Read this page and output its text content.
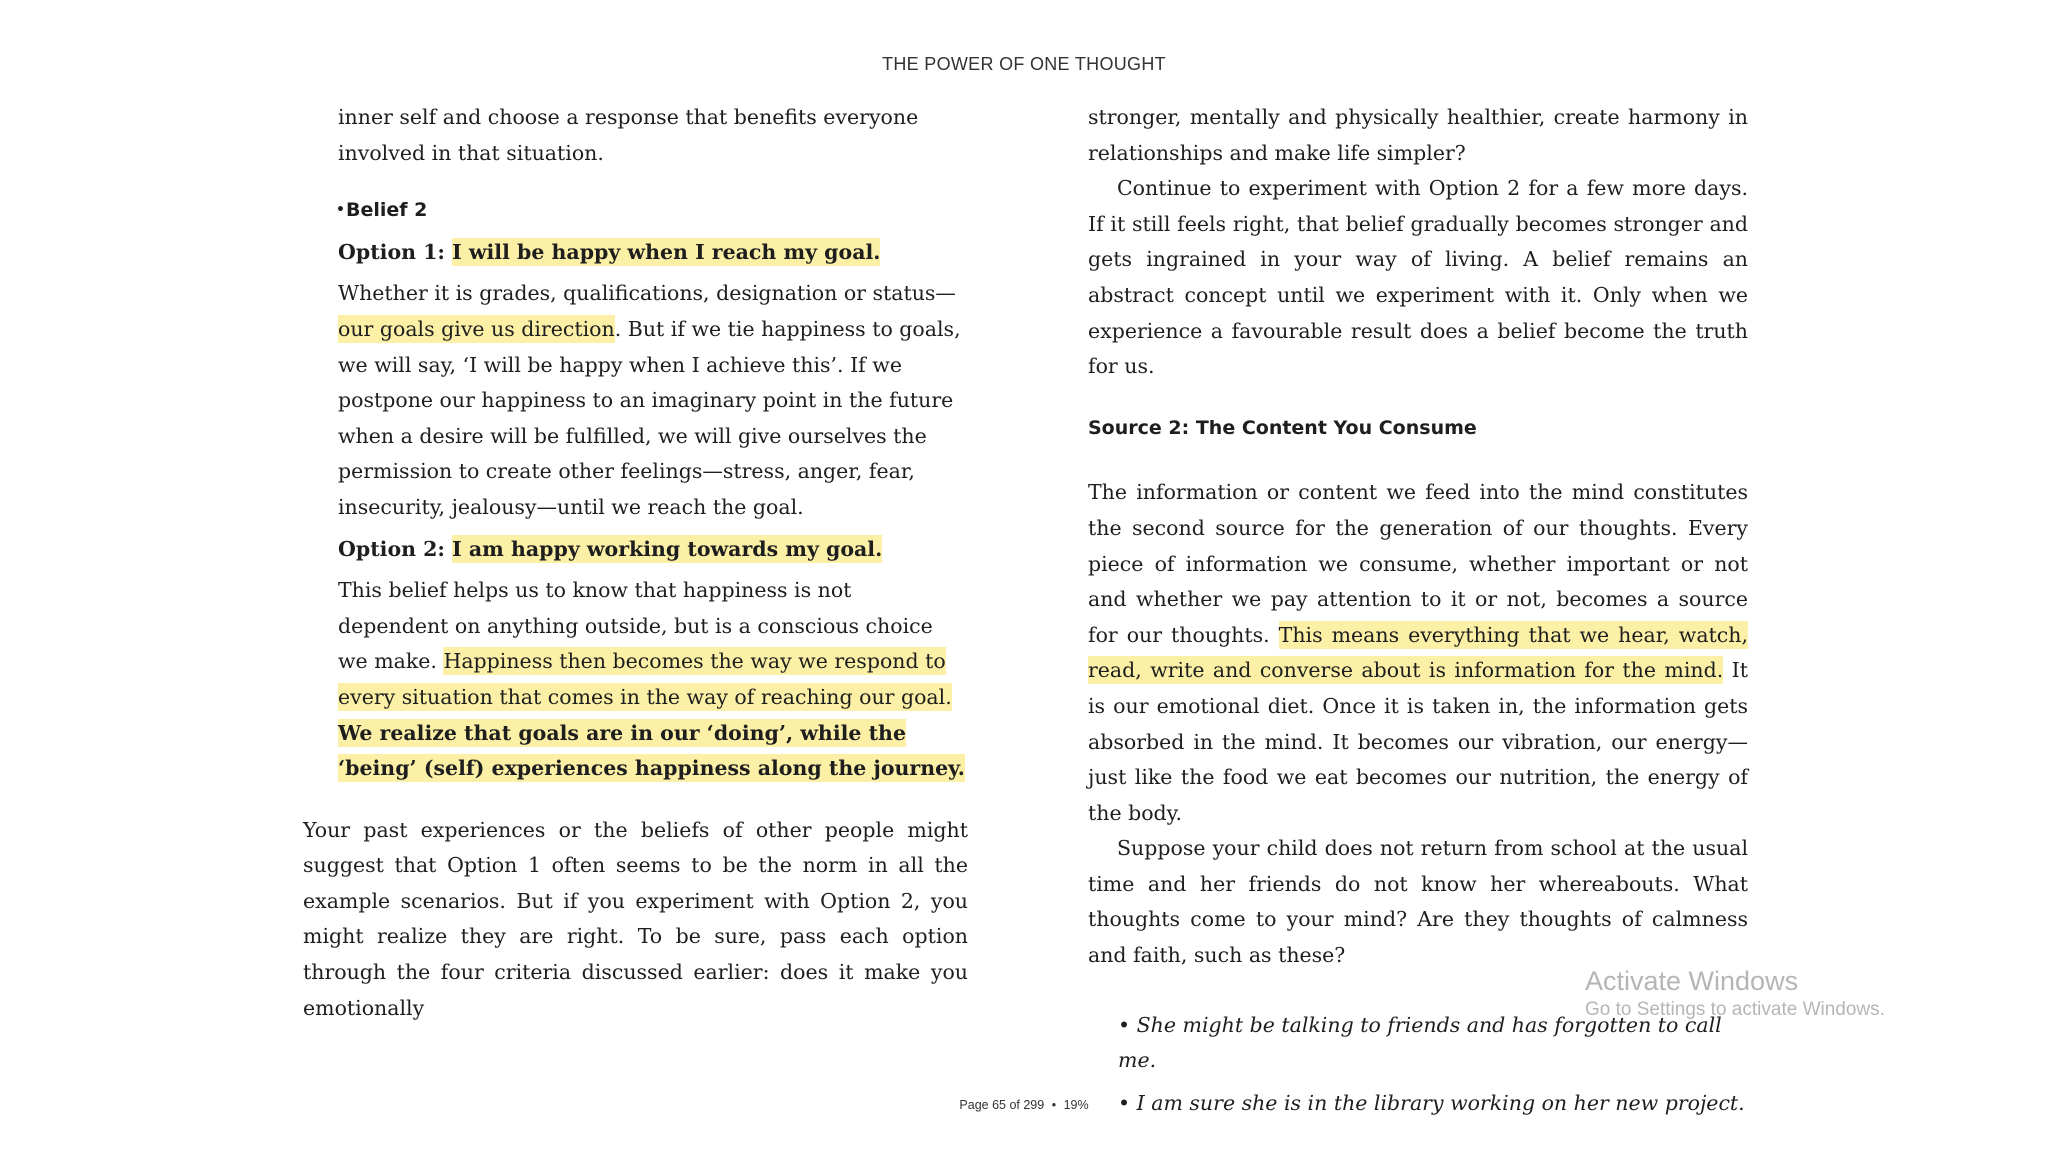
THE POWER OF ONE THOUGHT

inner self and choose a response that benefits everyone involved in that situation.

• Belief 2

Option 1: I will be happy when I reach my goal.

Whether it is grades, qualifications, designation or status—our goals give us direction. But if we tie happiness to goals, we will say, ‘I will be happy when I achieve this’. If we postpone our happiness to an imaginary point in the future when a desire will be fulfilled, we will give ourselves the permission to create other feelings—stress, anger, fear, insecurity, jealousy—until we reach the goal.

Option 2: I am happy working towards my goal.

This belief helps us to know that happiness is not dependent on anything outside, but is a conscious choice we make. Happiness then becomes the way we respond to every situation that comes in the way of reaching our goal. We realize that goals are in our ‘doing’, while the ‘being’ (self) experiences happiness along the journey.

Your past experiences or the beliefs of other people might suggest that Option 1 often seems to be the norm in all the example scenarios. But if you experiment with Option 2, you might realize they are right. To be sure, pass each option through the four criteria discussed earlier: does it make you emotionally

stronger, mentally and physically healthier, create harmony in relationships and make life simpler?

Continue to experiment with Option 2 for a few more days. If it still feels right, that belief gradually becomes stronger and gets ingrained in your way of living. A belief remains an abstract concept until we experiment with it. Only when we experience a favourable result does a belief become the truth for us.

Source 2: The Content You Consume

The information or content we feed into the mind constitutes the second source for the generation of our thoughts. Every piece of information we consume, whether important or not and whether we pay attention to it or not, becomes a source for our thoughts. This means everything that we hear, watch, read, write and converse about is information for the mind. It is our emotional diet. Once it is taken in, the information gets absorbed in the mind. It becomes our vibration, our energy—just like the food we eat becomes our nutrition, the energy of the body.

Suppose your child does not return from school at the usual time and her friends do not know her whereabouts. What thoughts come to your mind? Are they thoughts of calmness and faith, such as these?

• She might be talking to friends and has forgotten to call me.

• I am sure she is in the library working on her new project.

Activate Windows
Go to Settings to activate Windows.
Page 65 of 299 • 19%
